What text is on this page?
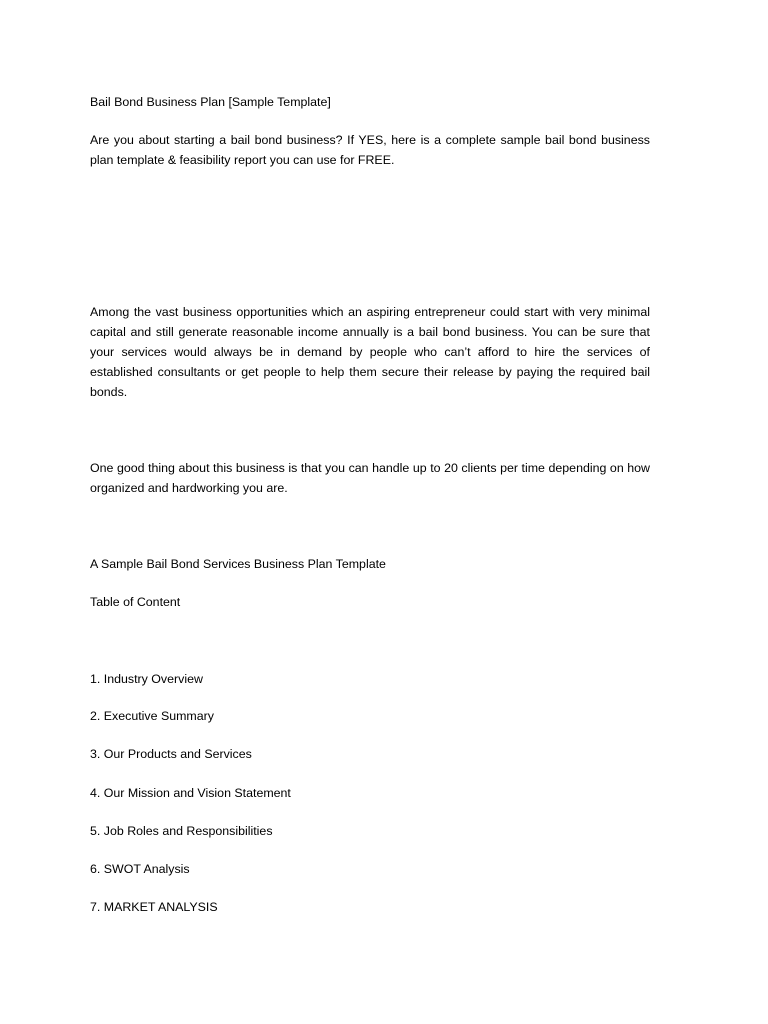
Bail Bond Business Plan [Sample Template]

Are you about starting a bail bond business? If YES, here is a complete sample bail bond business plan template & feasibility report you can use for FREE.

Among the vast business opportunities which an aspiring entrepreneur could start with very minimal capital and still generate reasonable income annually is a bail bond business. You can be sure that your services would always be in demand by people who can’t afford to hire the services of established consultants or get people to help them secure their release by paying the required bail bonds.

One good thing about this business is that you can handle up to 20 clients per time depending on how organized and hardworking you are.

A Sample Bail Bond Services Business Plan Template

Table of Content

1. Industry Overview

2. Executive Summary

3. Our Products and Services

4. Our Mission and Vision Statement

5. Job Roles and Responsibilities

6. SWOT Analysis

7. MARKET ANALYSIS
